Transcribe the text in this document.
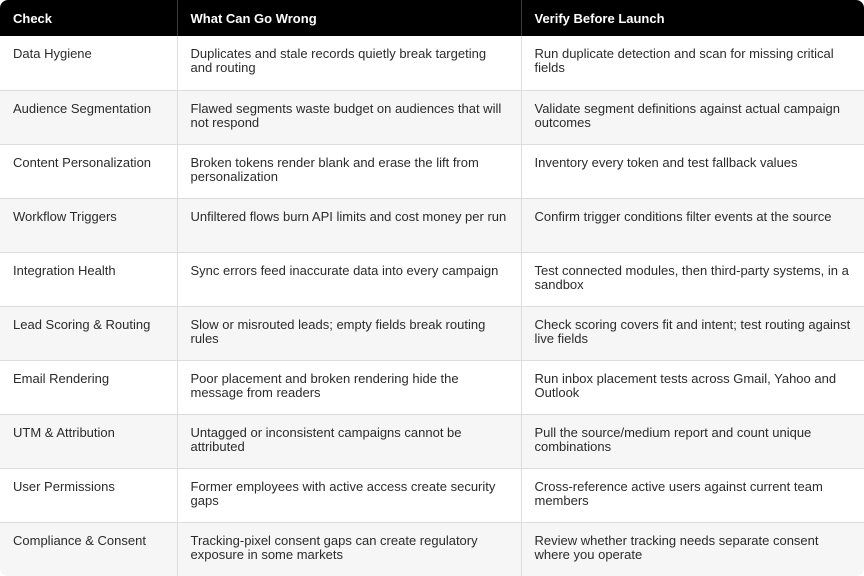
Check	What Can Go Wrong	Verify Before Launch
Data Hygiene	Duplicates and stale records quietly break targeting and routing	Run duplicate detection and scan for missing critical fields
Audience Segmentation	Flawed segments waste budget on audiences that will not respond	Validate segment definitions against actual campaign outcomes
Content Personalization	Broken tokens render blank and erase the lift from personalization	Inventory every token and test fallback values
Workflow Triggers	Unfiltered flows burn API limits and cost money per run	Confirm trigger conditions filter events at the source
Integration Health	Sync errors feed inaccurate data into every campaign	Test connected modules, then third-party systems, in a sandbox
Lead Scoring & Routing	Slow or misrouted leads; empty fields break routing rules	Check scoring covers fit and intent; test routing against live fields
Email Rendering	Poor placement and broken rendering hide the message from readers	Run inbox placement tests across Gmail, Yahoo and Outlook
UTM & Attribution	Untagged or inconsistent campaigns cannot be attributed	Pull the source/medium report and count unique combinations
User Permissions	Former employees with active access create security gaps	Cross-reference active users against current team members
Compliance & Consent	Tracking-pixel consent gaps can create regulatory exposure in some markets	Review whether tracking needs separate consent where you operate
